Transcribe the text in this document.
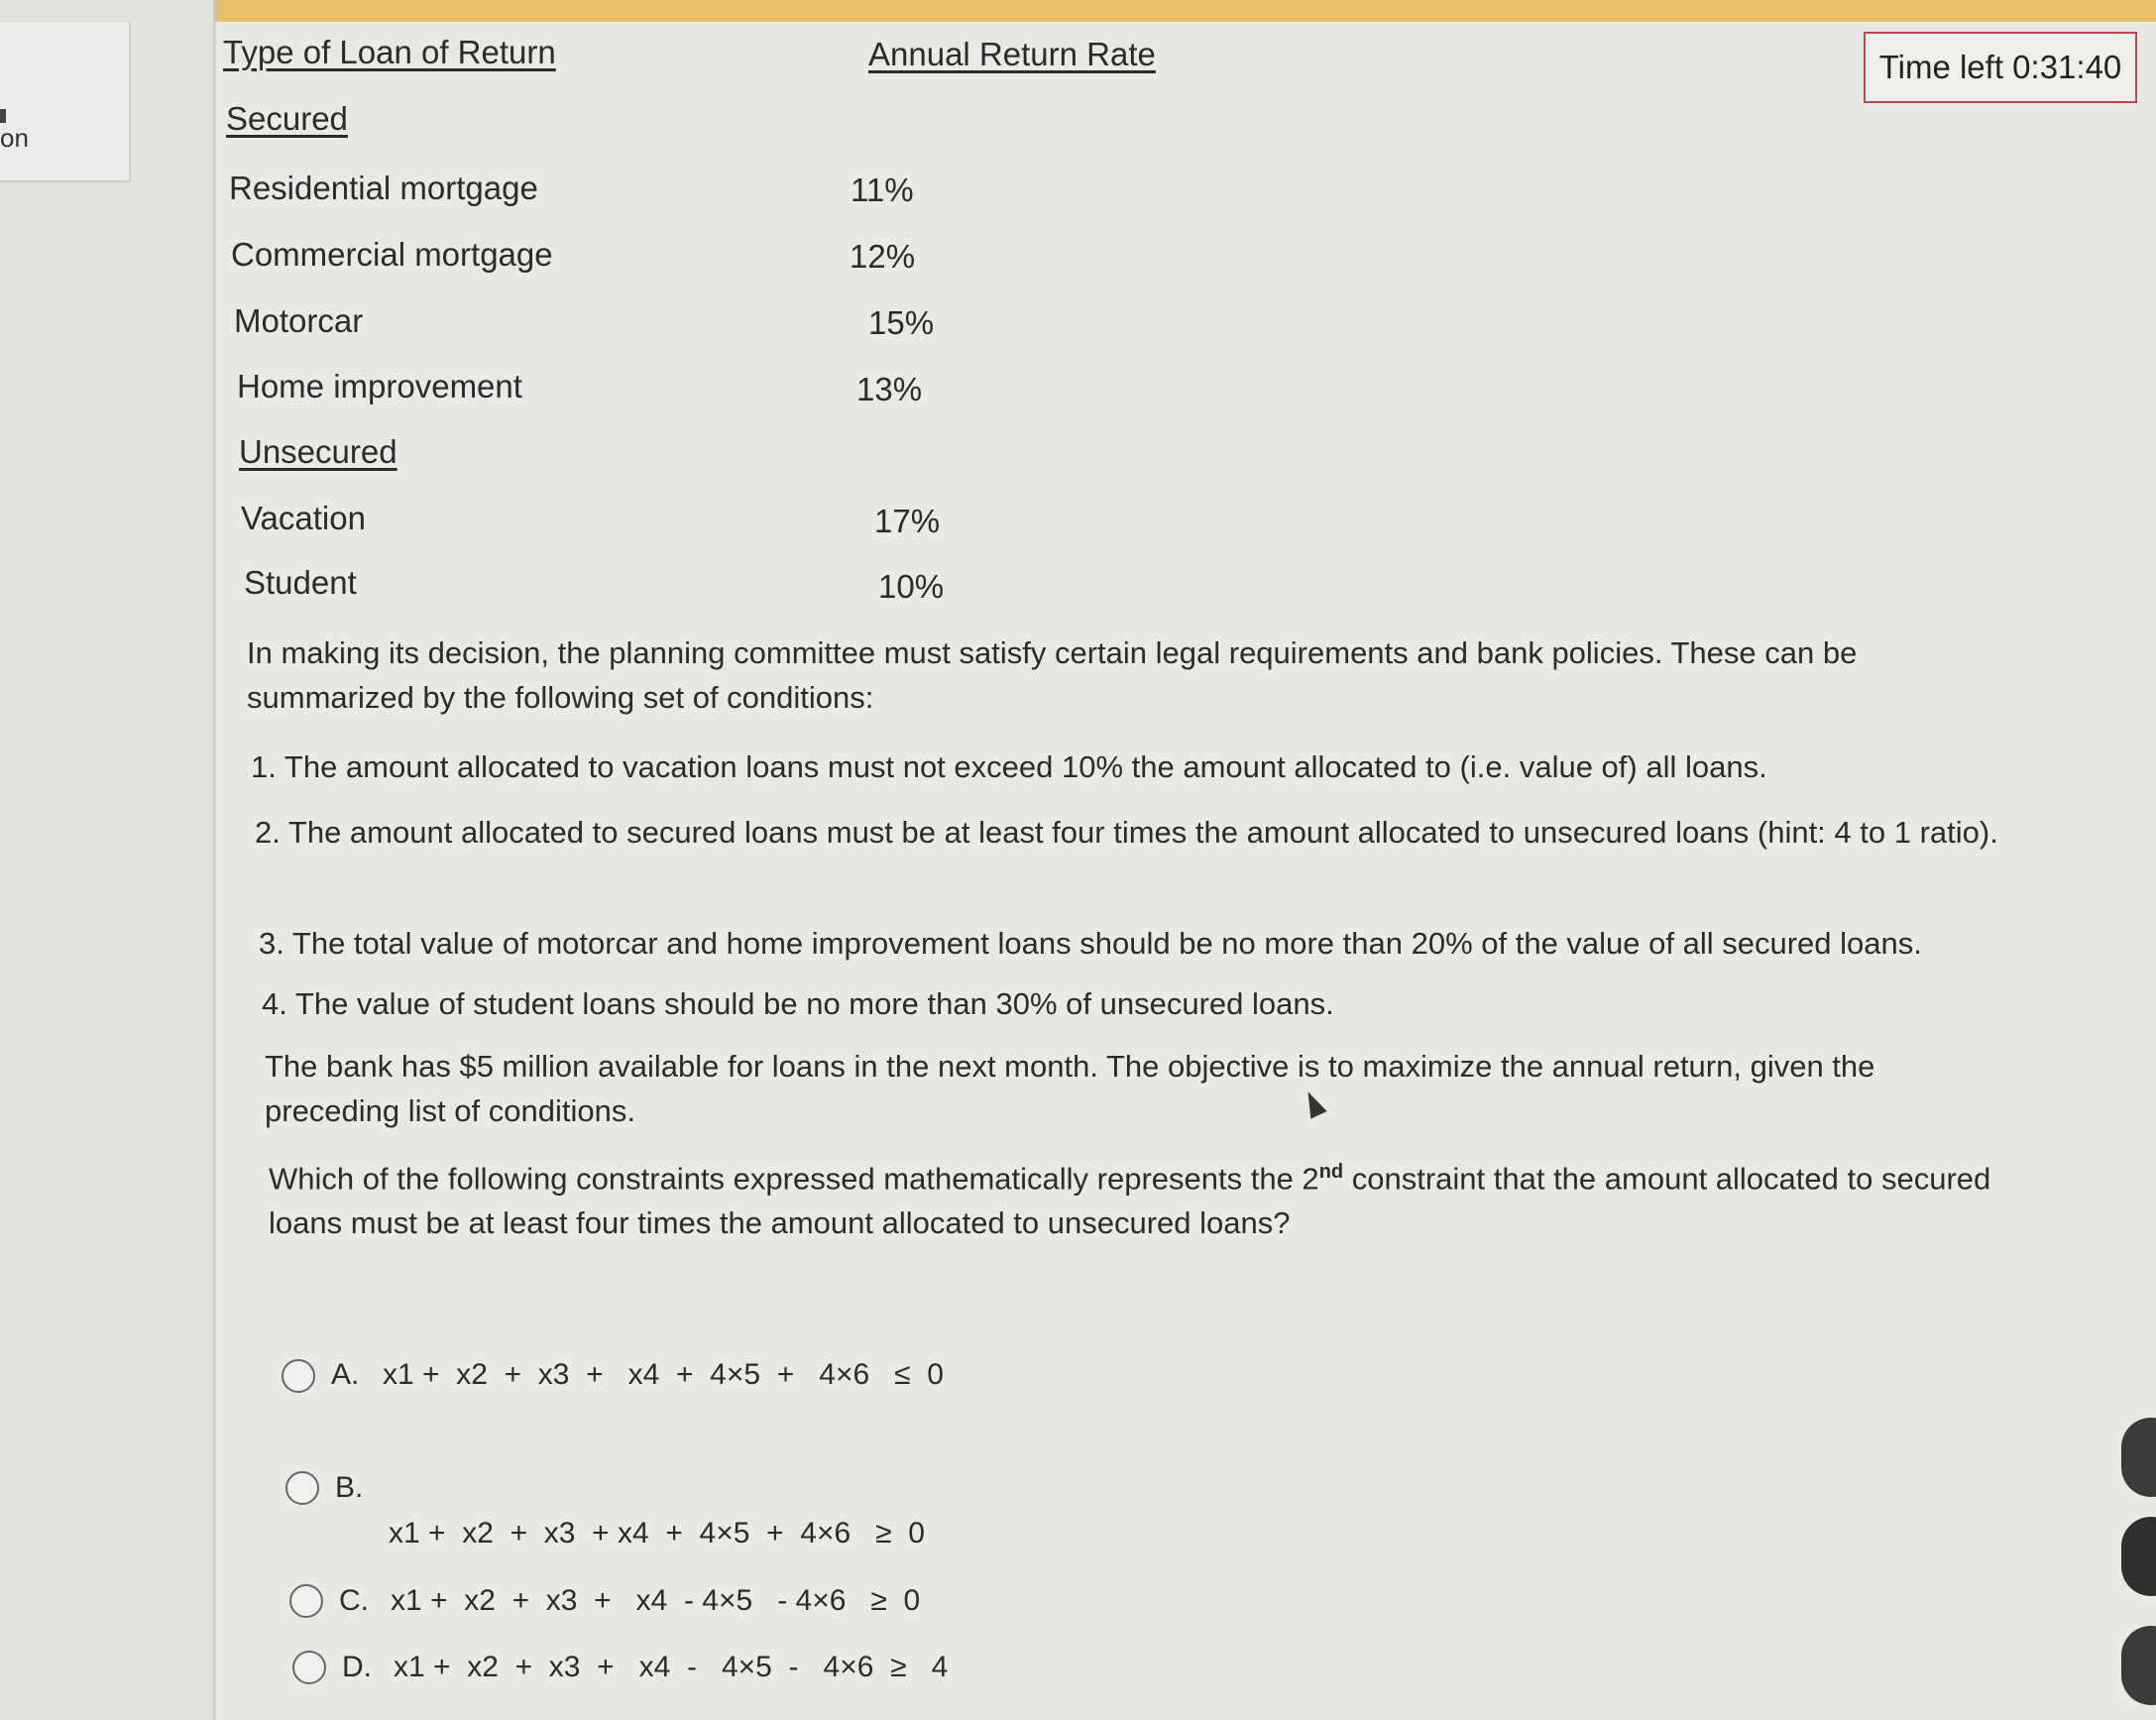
on
Time left 0:31:40
Type of Loan of Return	Annual Return Rate
Secured
Residential mortgage	11%
Commercial mortgage	12%
Motorcar	15%
Home improvement	13%
Unsecured
Vacation	17%
Student	10%
In making its decision, the planning committee must satisfy certain legal requirements and bank policies. These can be summarized by the following set of conditions:
1. The amount allocated to vacation loans must not exceed 10% the amount allocated to (i.e. value of) all loans.
2. The amount allocated to secured loans must be at least four times the amount allocated to unsecured loans (hint: 4 to 1 ratio).
3. The total value of motorcar and home improvement loans should be no more than 20% of the value of all secured loans.
4. The value of student loans should be no more than 30% of unsecured loans.
The bank has $5 million available for loans in the next month. The objective is to maximize the annual return, given the preceding list of conditions.
Which of the following constraints expressed mathematically represents the 2nd constraint that the amount allocated to secured loans must be at least four times the amount allocated to unsecured loans?
A. x1 +  x2  +  x3  +   x4  +  4×5  +   4×6   ≤  0
B.
x1 +  x2  +  x3  + x4  +  4×5  +  4×6   ≥  0
C. x1 +  x2  +  x3  +   x4  - 4×5   - 4×6   ≥  0
D. x1 +  x2  +  x3  +   x4  -   4×5  -   4×6  ≥   4
